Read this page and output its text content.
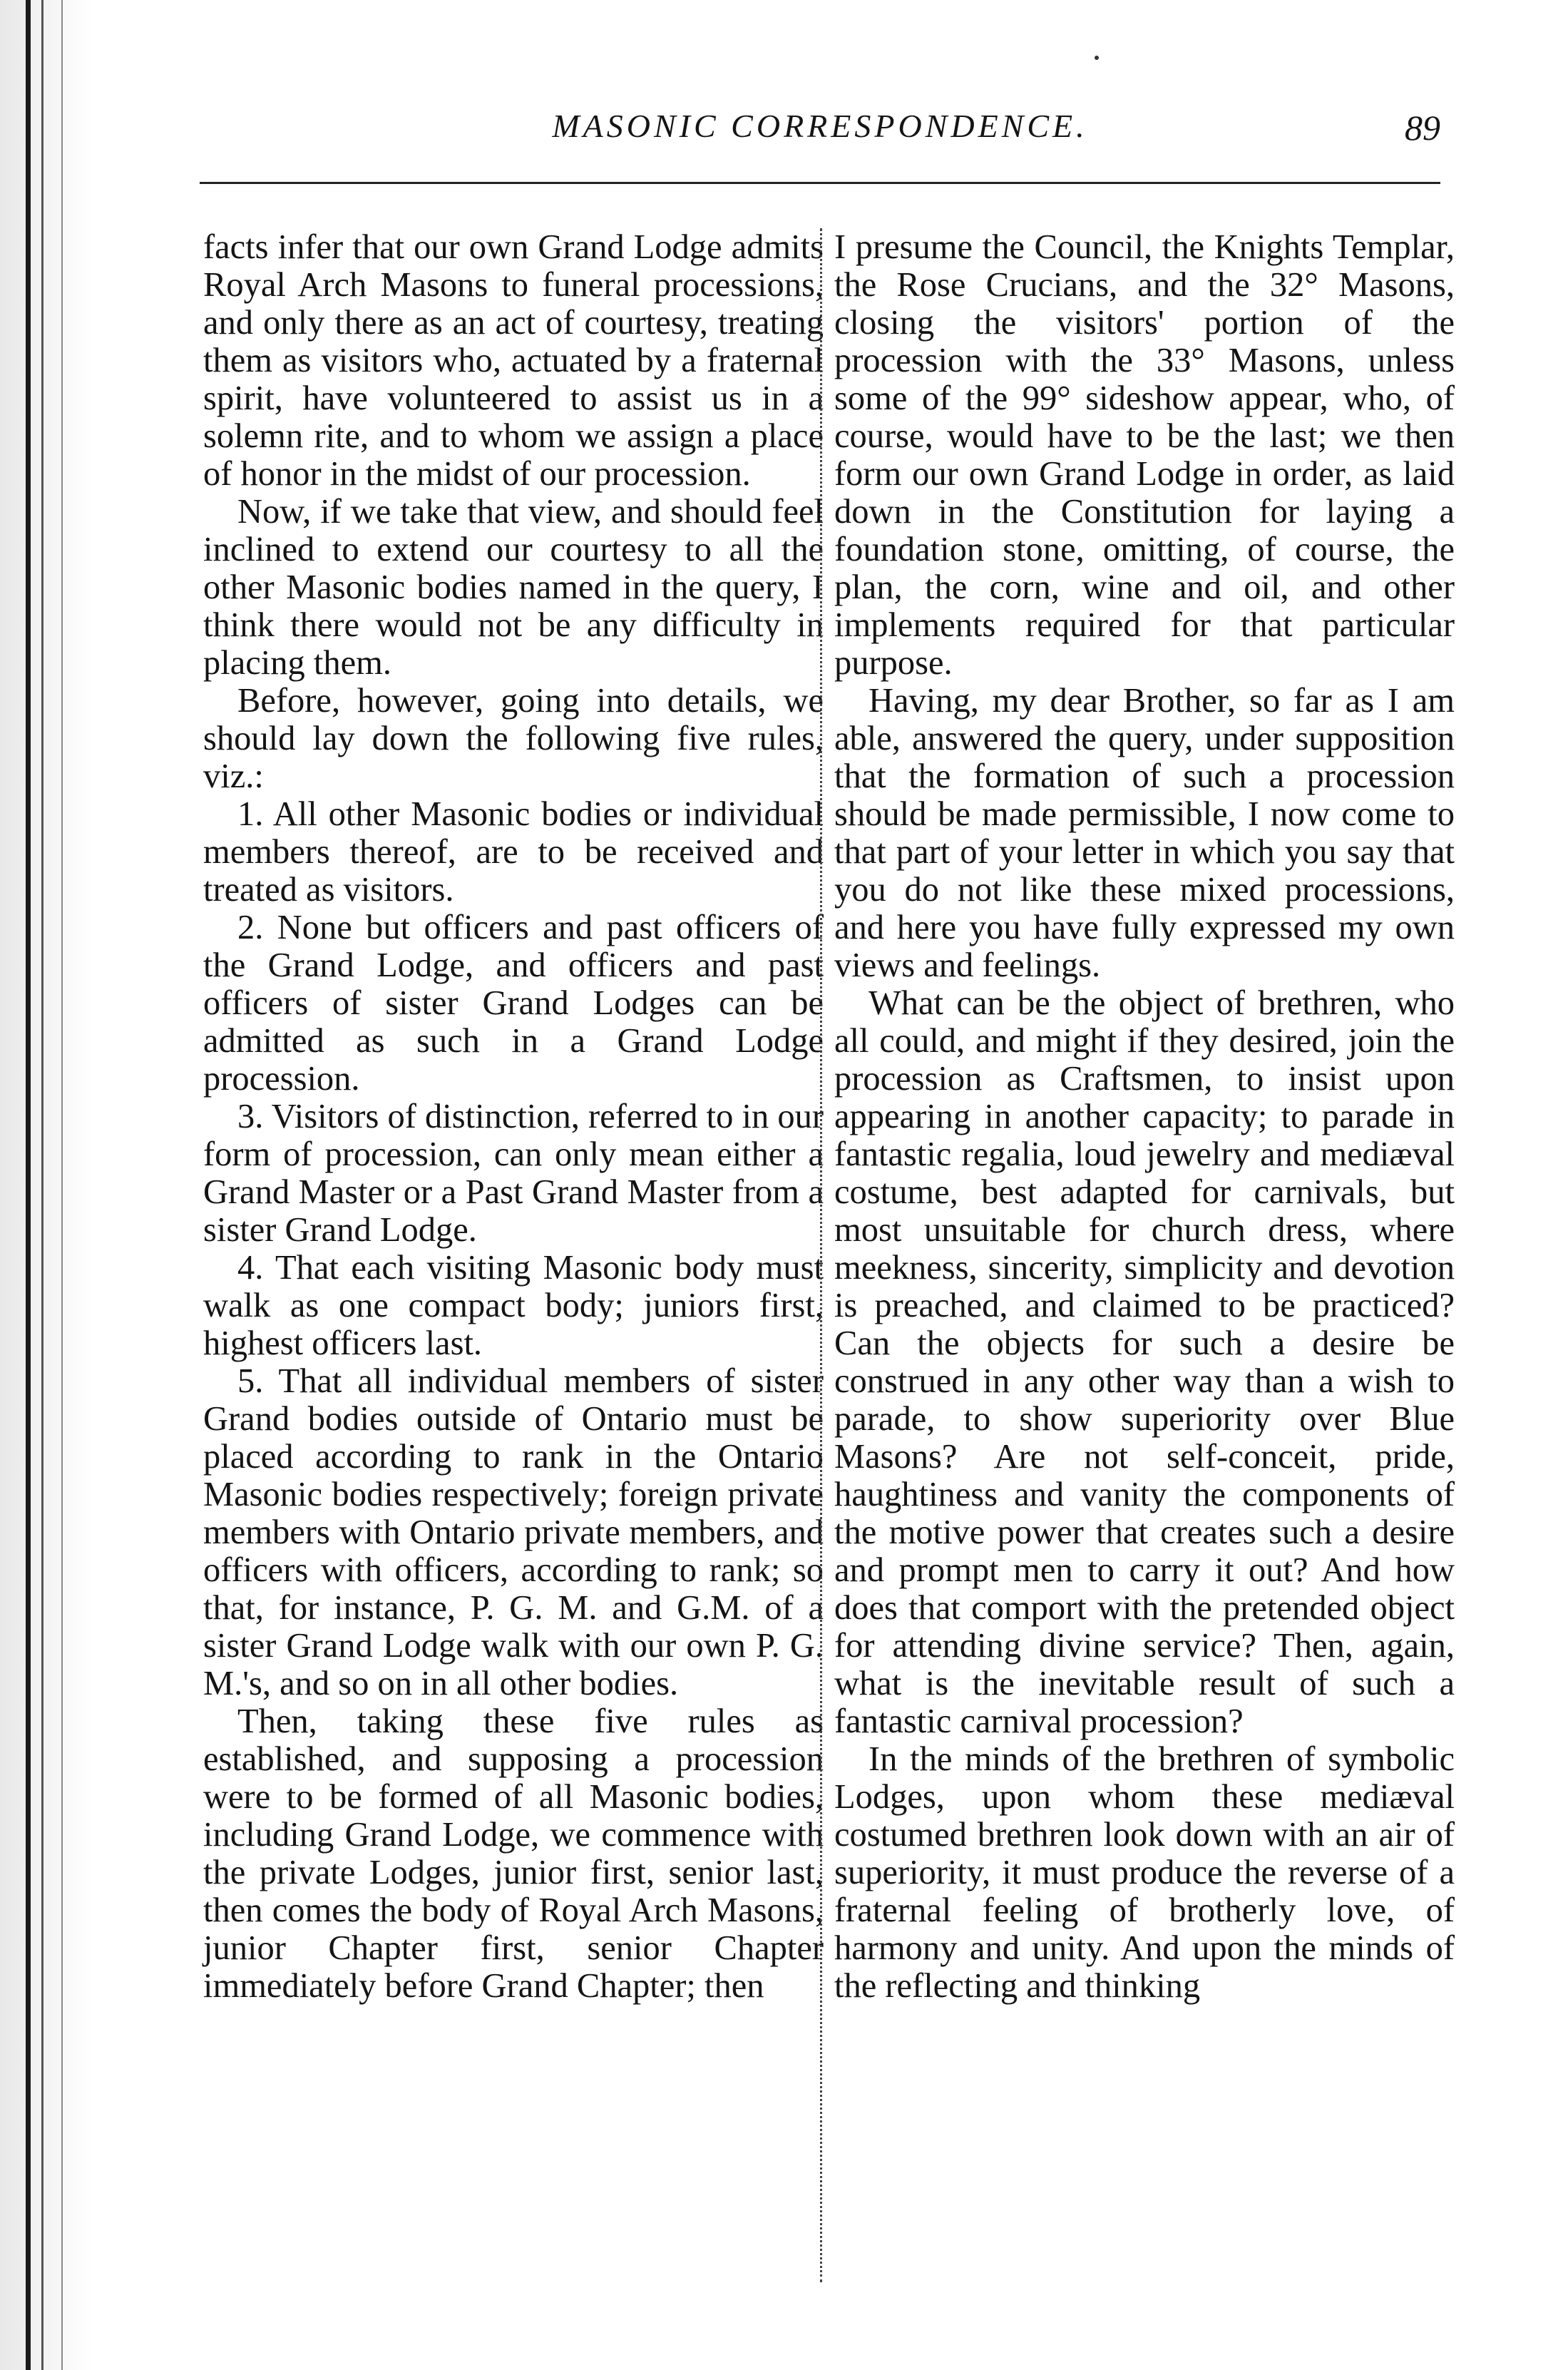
MASONIC CORRESPONDENCE.	89

facts infer that our own Grand Lodge admits Royal Arch Masons to funeral processions, and only there as an act of courtesy, treating them as visitors who, actuated by a fraternal spirit, have volunteered to assist us in a solemn rite, and to whom we assign a place of honor in the midst of our procession.

Now, if we take that view, and should feel inclined to extend our courtesy to all the other Masonic bodies named in the query, I think there would not be any difficulty in placing them.

Before, however, going into details, we should lay down the following five rules, viz.:

1. All other Masonic bodies or individual members thereof, are to be received and treated as visitors.

2. None but officers and past officers of the Grand Lodge, and officers and past officers of sister Grand Lodges can be admitted as such in a Grand Lodge procession.

3. Visitors of distinction, referred to in our form of procession, can only mean either a Grand Master or a Past Grand Master from a sister Grand Lodge.

4. That each visiting Masonic body must walk as one compact body; juniors first, highest officers last.

5. That all individual members of sister Grand bodies outside of Ontario must be placed according to rank in the Ontario Masonic bodies respectively; foreign private members with Ontario private members, and officers with officers, according to rank; so that, for instance, P. G. M. and G.M. of a sister Grand Lodge walk with our own P. G. M.'s, and so on in all other bodies.

Then, taking these five rules as established, and supposing a procession were to be formed of all Masonic bodies, including Grand Lodge, we commence with the private Lodges, junior first, senior last, then comes the body of Royal Arch Masons, junior Chapter first, senior Chapter immediately before Grand Chapter; then

I presume the Council, the Knights Templar, the Rose Crucians, and the 32° Masons, closing the visitors' portion of the procession with the 33° Masons, unless some of the 99° sideshow appear, who, of course, would have to be the last; we then form our own Grand Lodge in order, as laid down in the Constitution for laying a foundation stone, omitting, of course, the plan, the corn, wine and oil, and other implements required for that particular purpose.

Having, my dear Brother, so far as I am able, answered the query, under supposition that the formation of such a procession should be made permissible, I now come to that part of your letter in which you say that you do not like these mixed processions, and here you have fully expressed my own views and feelings.

What can be the object of brethren, who all could, and might if they desired, join the procession as Craftsmen, to insist upon appearing in another capacity; to parade in fantastic regalia, loud jewelry and mediæval costume, best adapted for carnivals, but most unsuitable for church dress, where meekness, sincerity, simplicity and devotion is preached, and claimed to be practiced? Can the objects for such a desire be construed in any other way than a wish to parade, to show superiority over Blue Masons? Are not self-conceit, pride, haughtiness and vanity the components of the motive power that creates such a desire and prompt men to carry it out? And how does that comport with the pretended object for attending divine service? Then, again, what is the inevitable result of such a fantastic carnival procession?

In the minds of the brethren of symbolic Lodges, upon whom these mediæval costumed brethren look down with an air of superiority, it must produce the reverse of a fraternal feeling of brotherly love, of harmony and unity. And upon the minds of the reflecting and thinking
